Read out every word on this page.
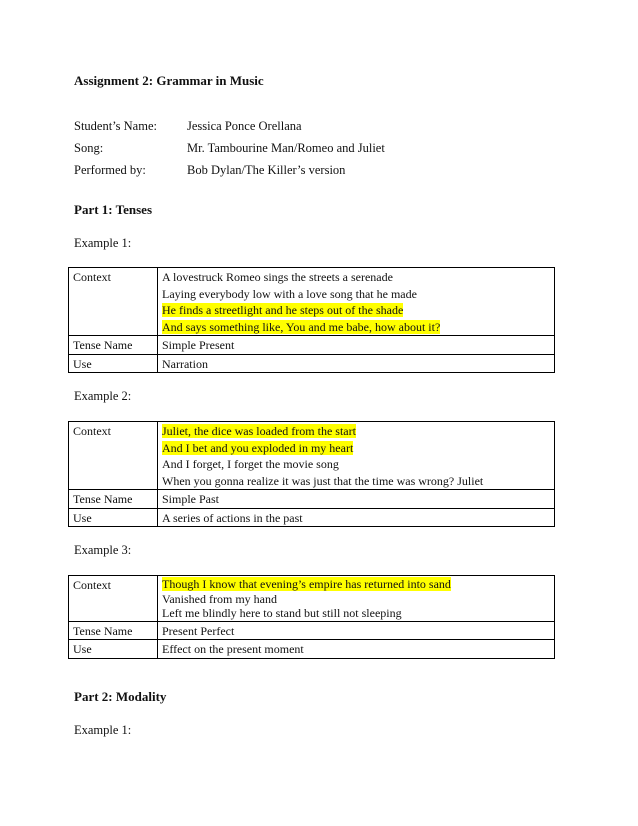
Assignment 2: Grammar in Music
Student’s Name:	Jessica Ponce Orellana
Song:	Mr. Tambourine Man/Romeo and Juliet
Performed by:	Bob Dylan/The Killer’s version
Part 1: Tenses
Example 1:
Context	A lovestruck Romeo sings the streets a serenade
Laying everybody low with a love song that he made
He finds a streetlight and he steps out of the shade
And says something like, You and me babe, how about it?

Tense Name	Simple Present
Use	Narration
Example 2:
Context	Juliet, the dice was loaded from the start
And I bet and you exploded in my heart
And I forget, I forget the movie song
When you gonna realize it was just that the time was wrong? Juliet

Tense Name	Simple Past
Use	A series of actions in the past
Example 3:
Context	Though I know that evening’s empire has returned into sand
Vanished from my hand
Left me blindly here to stand but still not sleeping

Tense Name	Present Perfect
Use	Effect on the present moment
Part 2: Modality
Example 1:
